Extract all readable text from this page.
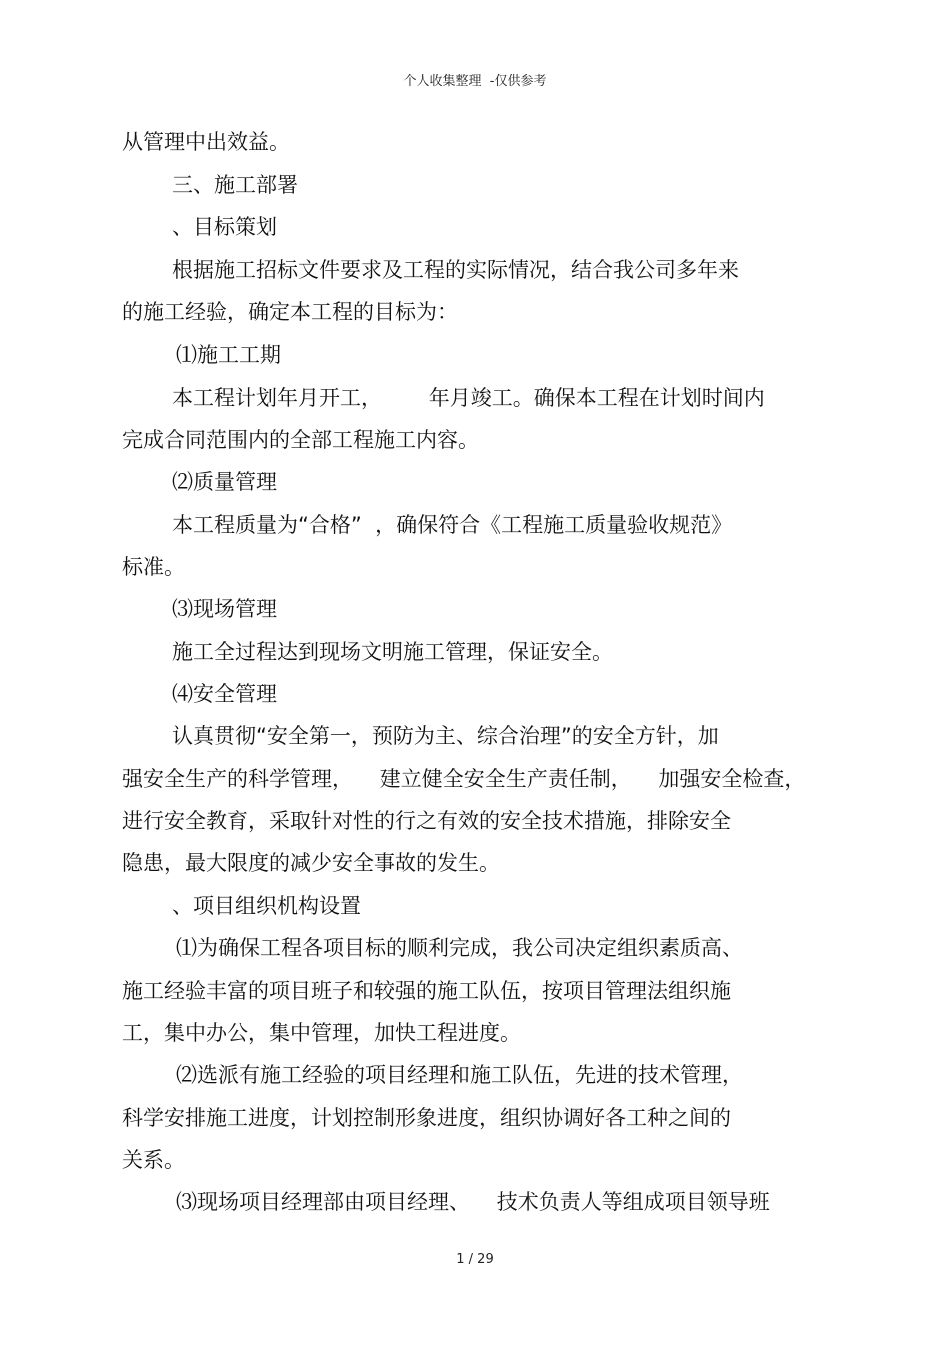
个人收集整理  -仅供参考
从管理中出效益。
三、施工部署
、目标策划
根据施工招标文件要求及工程的实际情况，结合我公司多年来
的施工经验，确定本工程的目标为：
⑴施工工期
本工程计划年月开工，       年月竣工。确保本工程在计划时间内
完成合同范围内的全部工程施工内容。
⑵质量管理
本工程质量为“合格”  ，确保符合《工程施工质量验收规范》
标准。
⑶现场管理
施工全过程达到现场文明施工管理，保证安全。
⑷安全管理
认真贯彻“安全第一，预防为主、综合治理”的安全方针，加
强安全生产的科学管理，    建立健全安全生产责任制，    加强安全检查，
进行安全教育，采取针对性的行之有效的安全技术措施，排除安全
隐患，最大限度的减少安全事故的发生。
、项目组织机构设置
⑴为确保工程各项目标的顺利完成，我公司决定组织素质高、
施工经验丰富的项目班子和较强的施工队伍，按项目管理法组织施
工，集中办公，集中管理，加快工程进度。
⑵选派有施工经验的项目经理和施工队伍，先进的技术管理，
科学安排施工进度，计划控制形象进度，组织协调好各工种之间的
关系。
⑶现场项目经理部由项目经理、    技术负责人等组成项目领导班
1 / 29
